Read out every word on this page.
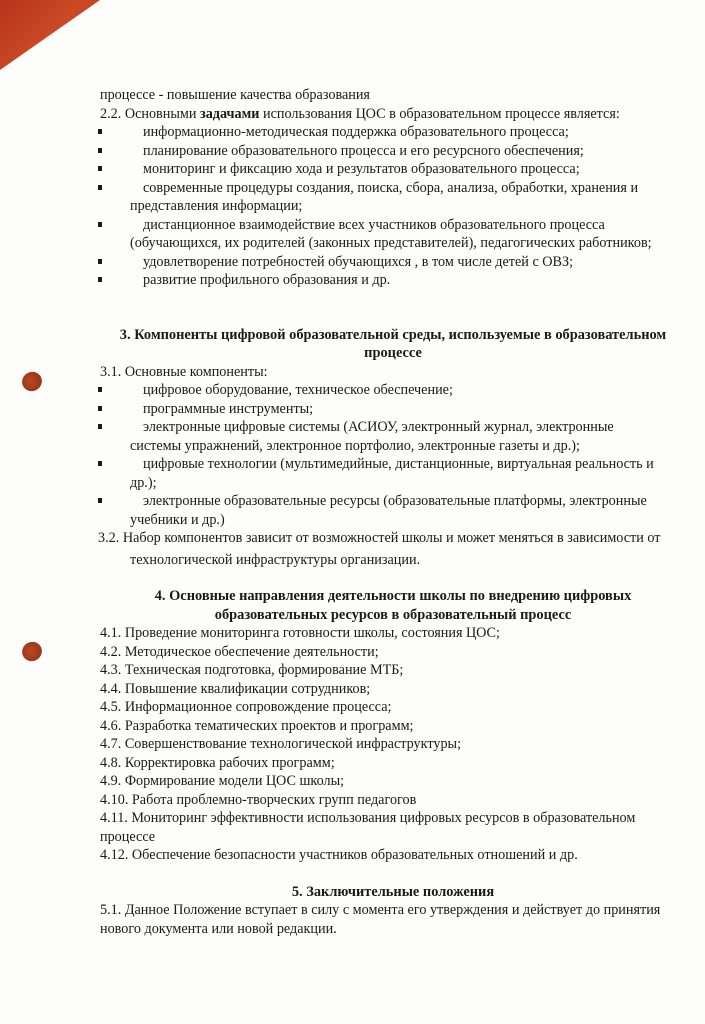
процессе - повышение качества образования
2.2. Основными задачами использования ЦОС в образовательном процессе является:
информационно-методическая поддержка образовательного процесса;
планирование образовательного процесса и его ресурсного обеспечения;
мониторинг и фиксацию хода и результатов образовательного процесса;
современные процедуры создания, поиска, сбора, анализа, обработки, хранения и
представления информации;
дистанционное взаимодействие всех участников образовательного процесса
(обучающихся, их родителей (законных представителей), педагогических работников;
удовлетворение потребностей обучающихся , в том числе детей с ОВЗ;
развитие профильного образования и др.
3. Компоненты цифровой образовательной среды, используемые в образовательном
процессе
3.1. Основные компоненты:
цифровое оборудование, техническое обеспечение;
программные инструменты;
электронные цифровые системы (АСИОУ, электронный журнал, электронные
системы упражнений, электронное портфолио, электронные газеты и др.);
цифровые технологии (мультимедийные, дистанционные, виртуальная реальность и
др.);
электронные образовательные ресурсы (образовательные платформы, электронные
учебники и др.)
3.2. Набор компонентов зависит от возможностей школы и может меняться в зависимости от
технологической инфраструктуры организации.
4. Основные направления деятельности школы по внедрению цифровых
образовательных ресурсов в образовательный процесс
4.1. Проведение мониторинга готовности школы, состояния ЦОС;
4.2. Методическое обеспечение деятельности;
4.3. Техническая подготовка, формирование МТБ;
4.4. Повышение квалификации сотрудников;
4.5. Информационное сопровождение процесса;
4.6. Разработка тематических проектов и программ;
4.7. Совершенствование технологической инфраструктуры;
4.8. Корректировка рабочих программ;
4.9. Формирование модели ЦОС школы;
4.10. Работа проблемно-творческих групп педагогов
4.11. Мониторинг эффективности использования цифровых ресурсов в образовательном
процессе
4.12. Обеспечение безопасности участников образовательных отношений и др.
5. Заключительные положения
5.1. Данное Положение вступает в силу с момента его утверждения и действует до принятия
нового документа или новой редакции.
